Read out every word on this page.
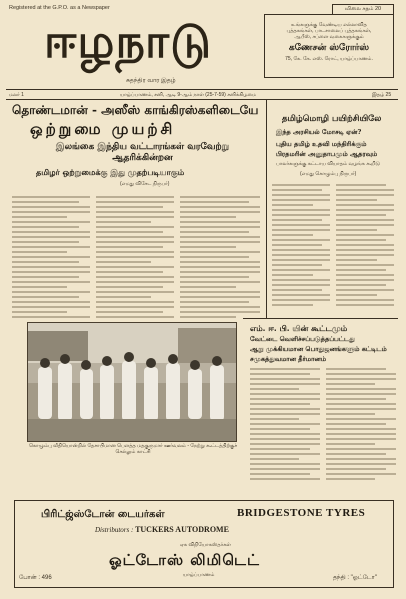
Registered at the G.P.O. as a Newspaper	விலை சதம் 20
ஈழநாடு
சுதந்திர வார இதழ்
உங்களுக்கு வேண்டிய எல்லாவித
புத்தகங்கள், பாடசாலைப் புத்தகங்கள்,
ஆபீஸ், சப்ளை வகைகளுக்கும்
கணேசன் ஸ்ரோர்ஸ்
75, கே. கே. எஸ். ரோட், யாழ்ப்பாணம்.
மலர் 1	யாழ்ப்பாணம், சனி, ஆடி 9-ஆம் நாள் (25-7-59) சனிக்கிழமை	இதழ் 25
தொண்டமான் - அஸீஸ் காங்கிரஸ்களிடையே
ஒற்றுமை முயற்சி
இலங்கை இந்திய வட்டாரங்கள் வரவேற்று ஆதரிக்கின்றன
தமிழர் ஒற்றுமைக்கு இது முதற்படியாகும்
(எமது விசேட நிருபர்)
தமிழ்மொழி பயிற்சியிலே
இந்த அரசியல் மோசடி ஏன்?
புதிய தமிழ் உதவி மந்திரிக்கும்
பிரதமரின் அனுதாபமும் ஆதரவும்
பாலர்களுக்கு கட்டாய வியாதம் வழங்க கூறிடு
(எமது கொழும்பு நிருபர்)
கொழும்பு வீதியொன்றில் தேசாபிமான பெளத்த மதகுருமார் ஊர்வலம் - நேற்று கூட்டத்திற்குச் செல்லும் காட்சி
எம். ஈ. பி. யின் கூட்டமும்
வேட்டை வெளிச்சப்படுத்தப்பட்டது
ஆறு முக்கியமான பொதுஜனங்களும் கட்டிடம்
சமுகத்துவமான தீர்மானம்
பிரிட்ஜ்ஸ்டோன் டையர்கள்	BRIDGESTONE TYRES
Distributors : TUCKERS AUTODROME
ஏக விநியோகஸ்தர்கள்
ஓட்டோஸ் லிமிடெட்
யாழ்ப்பாணம்
போன் : 496	தந்தி : "ஓட்டோ"
